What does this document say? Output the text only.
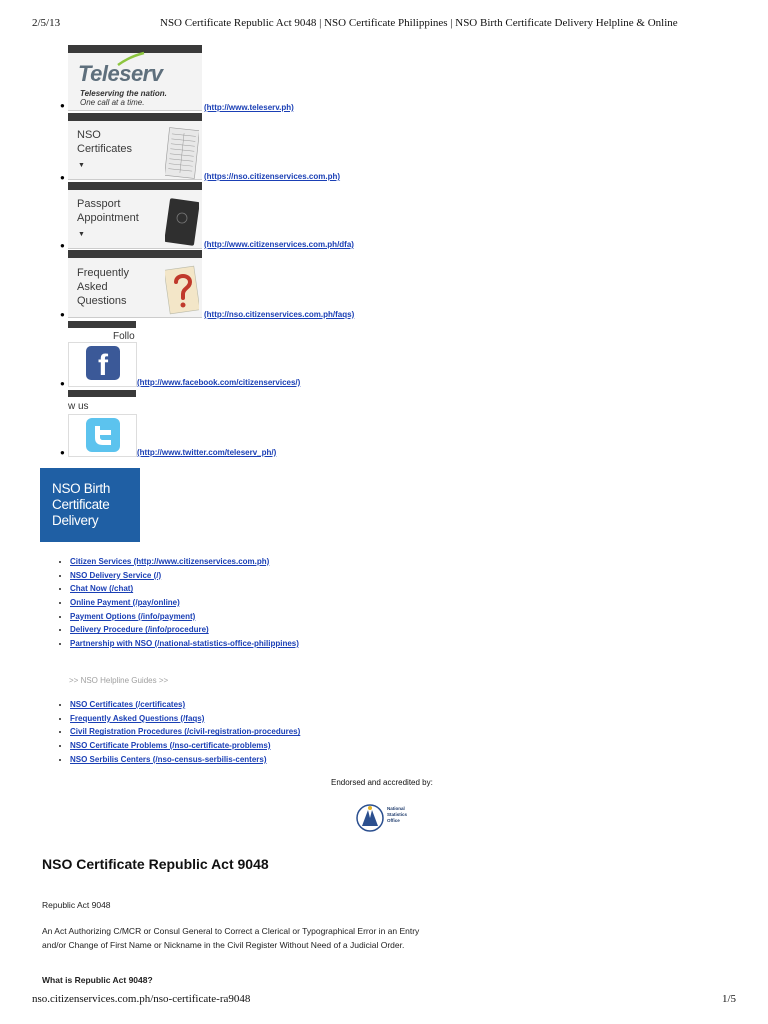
2/5/13	NSO Certificate Republic Act 9048 | NSO Certificate Philippines | NSO Birth Certificate Delivery Helpline & Online
●
Teleserv
Teleserving the nation.
One call at a time.
(http://www.teleserv.ph)
●
NSO
Certificates
▼
(https://nso.citizenservices.com.ph)
●
Passport
Appointment
▼
(http://www.citizenservices.com.ph/dfa)
●
Frequently
Asked
Questions
(http://nso.citizenservices.com.ph/faqs)
Follo
●
f
(http://www.facebook.com/citizenservices/)
w us
●	(http://www.twitter.com/teleserv_ph/)
NSO Birth
Certificate
Delivery
• Citizen Services (http://www.citizenservices.com.ph)
• NSO Delivery Service (/)
• Chat Now (/chat)
• Online Payment (/pay/online)
• Payment Options (/info/payment)
• Delivery Procedure (/info/procedure)
• Partnership with NSO (/national-statistics-office-philippines)
>> NSO Helpline Guides >>
• NSO Certificates (/certificates)
• Frequently Asked Questions (/faqs)
• Civil Registration Procedures (/civil-registration-procedures)
• NSO Certificate Problems (/nso-certificate-problems)
• NSO Serbilis Centers (/nso-census-serbilis-centers)
Endorsed and accredited by:
National
Statistics
Office
NSO Certificate Republic Act 9048
Republic Act 9048
An Act Authorizing C/MCR or Consul General to Correct a Clerical or Typographical Error in an Entry and/or Change of First Name or Nickname in the Civil Register Without Need of a Judicial Order.
What is Republic Act 9048?
nso.citizenservices.com.ph/nso-certificate-ra9048	1/5
